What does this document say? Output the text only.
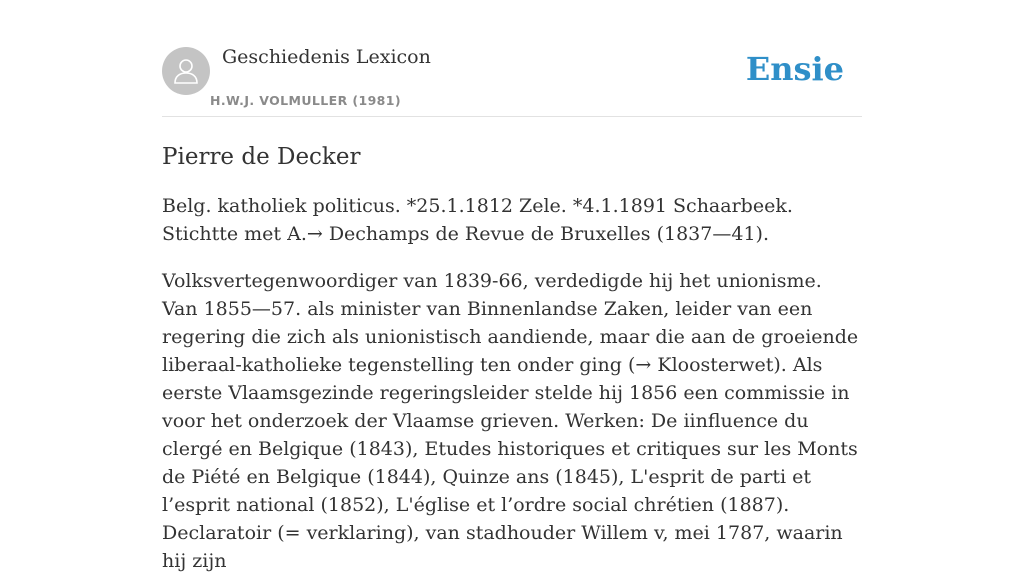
Geschiedenis Lexicon
H.W.J. VOLMULLER (1981)
Ensie
Pierre de Decker

Belg. katholiek politicus. *25.1.1812 Zele. *4.1.1891 Schaarbeek. Stichtte met A.→ Dechamps de Revue de Bruxelles (1837—41).

Volksvertegenwoordiger van 1839-66, verdedigde hij het unionisme. Van 1855—57. als minister van Binnenlandse Zaken, leider van een regering die zich als unionistisch aandiende, maar die aan de groeiende liberaal-katholieke tegenstelling ten onder ging (→ Kloosterwet). Als eerste Vlaamsgezinde regeringsleider stelde hij 1856 een commissie in voor het onderzoek der Vlaamse grieven. Werken: De iinfluence du clergé en Belgique (1843), Etudes historiques et critiques sur les Monts de Piété en Belgique (1844), Quinze ans (1845), L'esprit de parti et l’esprit national (1852), L'église et l’ordre social chrétien (1887). Declaratoir (= verklaring), van stadhouder Willem v, mei 1787, waarin hij zijn
